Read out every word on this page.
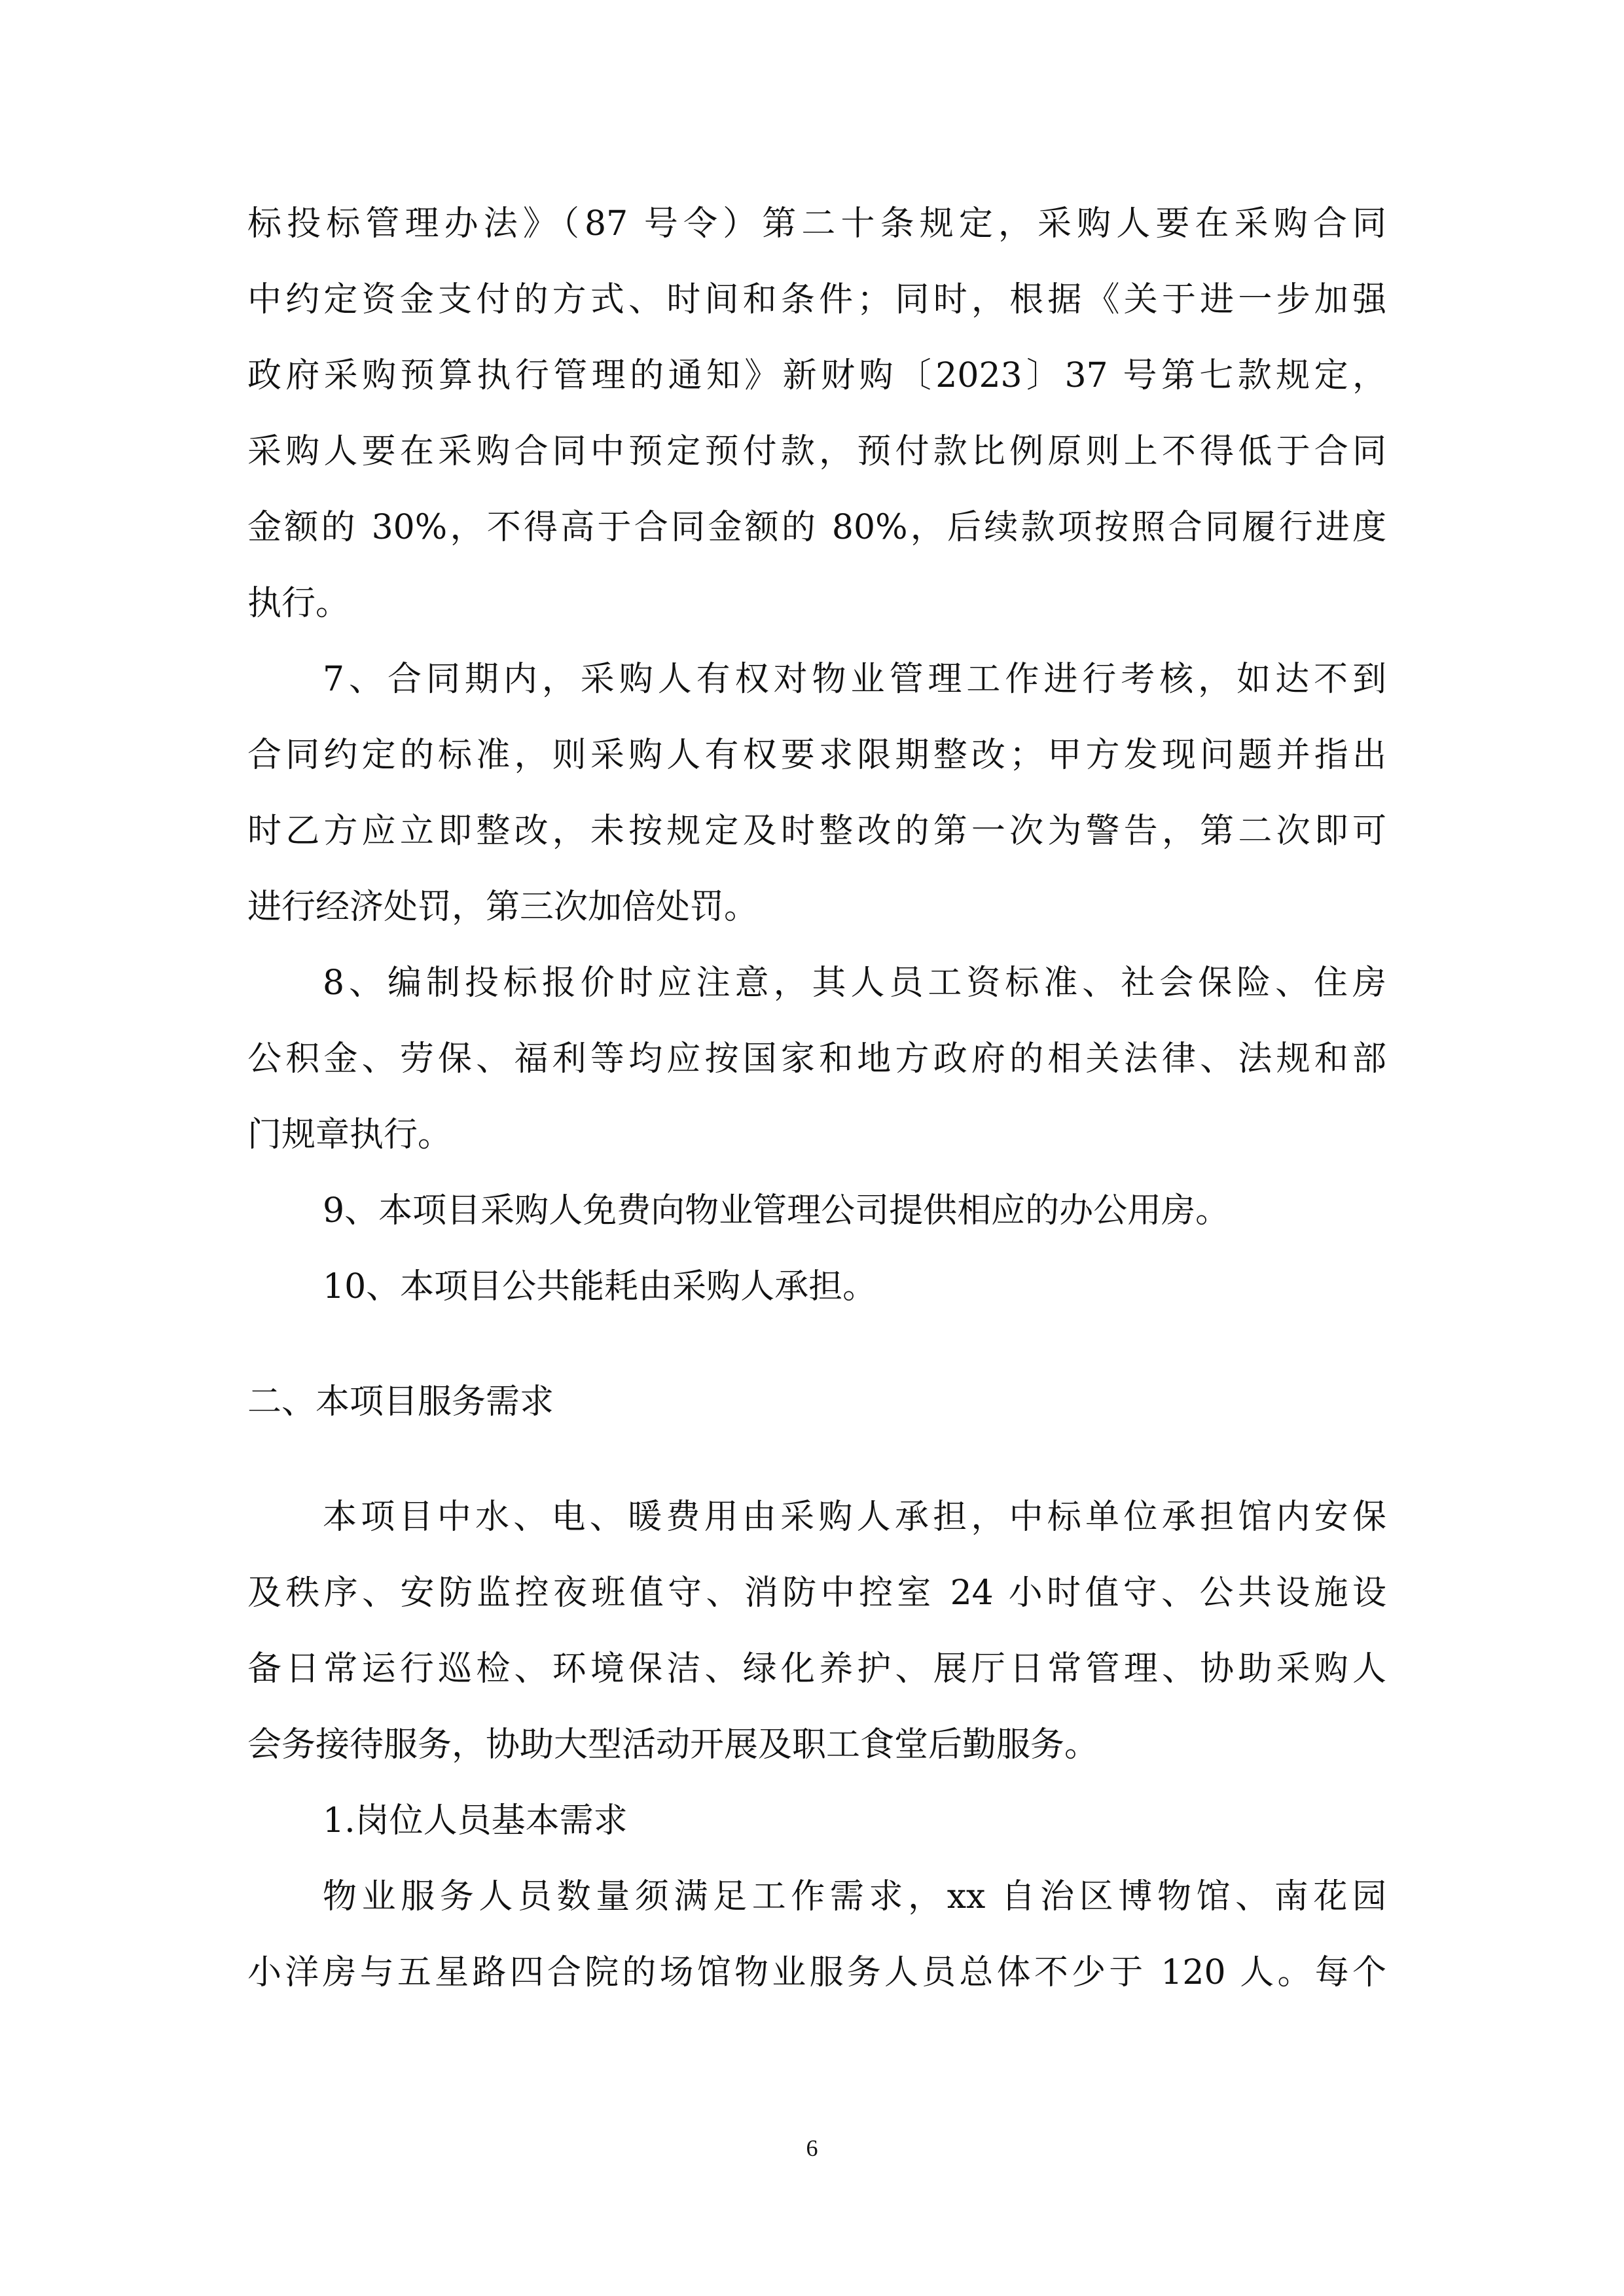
标投标管理办法》（87 号令）第二十条规定，采购人要在采购合同
中约定资金支付的方式、时间和条件；同时，根据《关于进一步加强
政府采购预算执行管理的通知》新财购〔2023〕37 号第七款规定，
采购人要在采购合同中预定预付款，预付款比例原则上不得低于合同
金额的 30%，不得高于合同金额的 80%，后续款项按照合同履行进度
执行。
7、合同期内，采购人有权对物业管理工作进行考核，如达不到
合同约定的标准，则采购人有权要求限期整改；甲方发现问题并指出
时乙方应立即整改，未按规定及时整改的第一次为警告，第二次即可
进行经济处罚，第三次加倍处罚。
8、编制投标报价时应注意，其人员工资标准、社会保险、住房
公积金、劳保、福利等均应按国家和地方政府的相关法律、法规和部
门规章执行。
9、本项目采购人免费向物业管理公司提供相应的办公用房。
10、本项目公共能耗由采购人承担。
二、本项目服务需求
本项目中水、电、暖费用由采购人承担，中标单位承担馆内安保
及秩序、安防监控夜班值守、消防中控室 24 小时值守、公共设施设
备日常运行巡检、环境保洁、绿化养护、展厅日常管理、协助采购人
会务接待服务，协助大型活动开展及职工食堂后勤服务。
1.岗位人员基本需求
物业服务人员数量须满足工作需求，xx 自治区博物馆、南花园
小洋房与五星路四合院的场馆物业服务人员总体不少于 120 人。每个
6
